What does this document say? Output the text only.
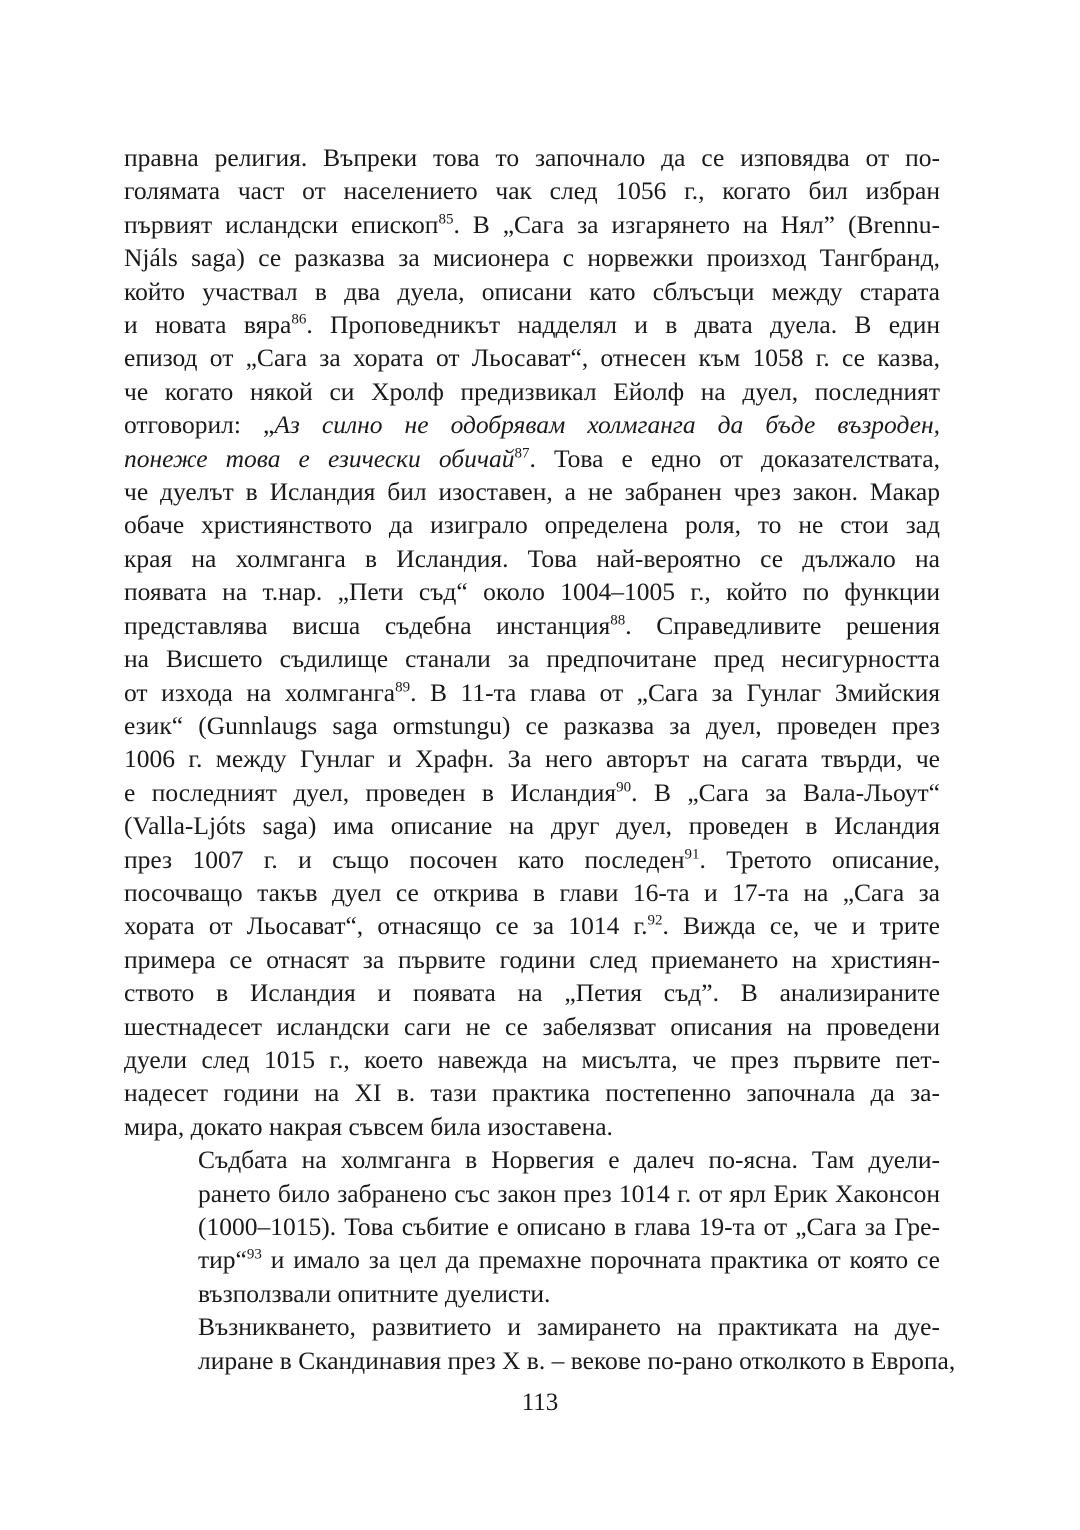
правна религия. Въпреки това то започнало да се изповядва от по-
голямата част от населението чак след 1056 г., когато бил избран
първият исландски епископ$^{85}$. В „Сага за изгарянето на Нял” (Brennu-
Njáls saga) се разказва за мисионера с норвежки произход Тангбранд,
който участвал в два дуела, описани като сблъсъци между старата
и новата вяра$^{86}$. Проповедникът надделял и в двата дуела. В един
епизод от „Сага за хората от Льосават“, отнесен към 1058 г. се казва,
че когато някой си Хролф предизвикал Ейолф на дуел, последният
отговорил: „Аз силно не одобрявам холмганга да бъде възроден,
понеже това е езически обичай$^{87}$. Това е едно от доказателствата,
че дуелът в Исландия бил изоставен, а не забранен чрез закон. Макар
обаче християнството да изиграло определена роля, то не стои зад
края на холмганга в Исландия. Това най-вероятно се дължало на
появата на т.нар. „Пети съд“ около 1004–1005 г., който по функции
представлява висша съдебна инстанция$^{88}$. Справедливите решения
на Висшето съдилище станали за предпочитане пред несигурността
от изхода на холмганга$^{89}$. В 11-та глава от „Сага за Гунлаг Змийския
език“ (Gunnlaugs saga ormstungu) се разказва за дуел, проведен през
1006 г. между Гунлаг и Храфн. За него авторът на сагата твърди, че
е последният дуел, проведен в Исландия$^{90}$. В „Сага за Вала-Льоут“
(Valla-Ljóts saga) има описание на друг дуел, проведен в Исландия
през 1007 г. и също посочен като последен$^{91}$. Третото описание,
посочващо такъв дуел се открива в глави 16-та и 17-та на „Сага за
хората от Льосават“, отнасящо се за 1014 г.$^{92}$. Вижда се, че и трите
примера се отнасят за първите години след приемането на християн-
ството в Исландия и появата на „Петия съд”. В анализираните
шестнадесет исландски саги не се забелязват описания на проведени
дуели след 1015 г., което навежда на мисълта, че през първите пет-
надесет години на XI в. тази практика постепенно започнала да за-
мира, докато накрая съвсем била изоставена.

Съдбата на холмганга в Норвегия е далеч по-ясна. Там дуели-
рането било забранено със закон през 1014 г. от ярл Ерик Хаконсон
(1000–1015). Това събитие е описано в глава 19-та от „Сага за Гре-
тир“$^{93}$ и имало за цел да премахне порочната практика от която се
възползвали опитните дуелисти.

Възникването, развитието и замирането на практиката на дуе-
лиране в Скандинавия през X в. – векове по-рано отколкото в Европа,

113
